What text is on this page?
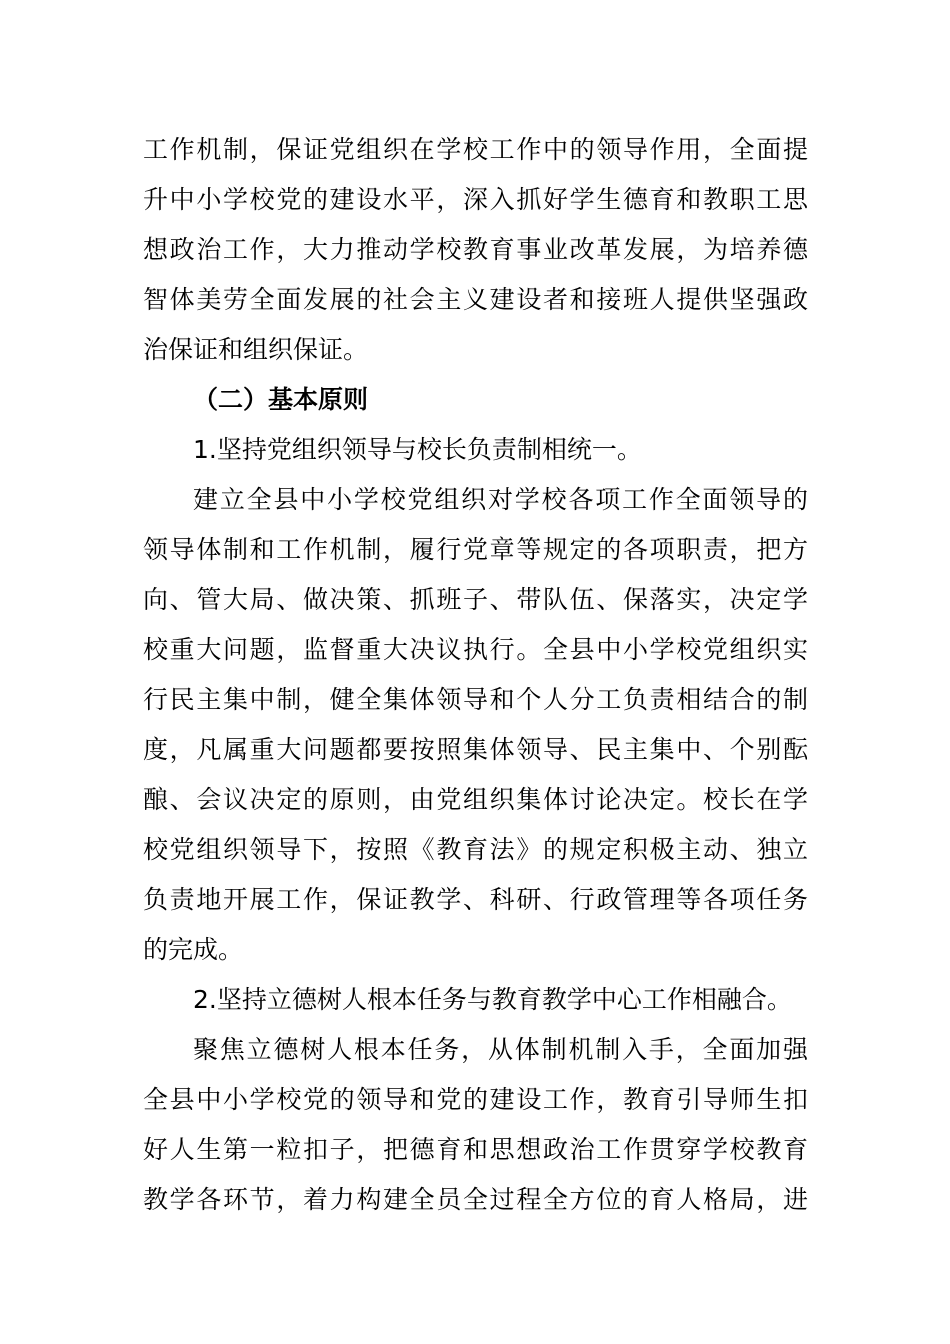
工作机制，保证党组织在学校工作中的领导作用，全面提
升中小学校党的建设水平，深入抓好学生德育和教职工思
想政治工作，大力推动学校教育事业改革发展，为培养德
智体美劳全面发展的社会主义建设者和接班人提供坚强政
治保证和组织保证。
（二）基本原则
1.坚持党组织领导与校长负责制相统一。
建立全县中小学校党组织对学校各项工作全面领导的
领导体制和工作机制，履行党章等规定的各项职责，把方
向、管大局、做决策、抓班子、带队伍、保落实，决定学
校重大问题，监督重大决议执行。全县中小学校党组织实
行民主集中制，健全集体领导和个人分工负责相结合的制
度，凡属重大问题都要按照集体领导、民主集中、个别酝
酿、会议决定的原则，由党组织集体讨论决定。校长在学
校党组织领导下，按照《教育法》的规定积极主动、独立
负责地开展工作，保证教学、科研、行政管理等各项任务
的完成。
2.坚持立德树人根本任务与教育教学中心工作相融合。
聚焦立德树人根本任务，从体制机制入手，全面加强
全县中小学校党的领导和党的建设工作，教育引导师生扣
好人生第一粒扣子，把德育和思想政治工作贯穿学校教育
教学各环节，着力构建全员全过程全方位的育人格局，进
